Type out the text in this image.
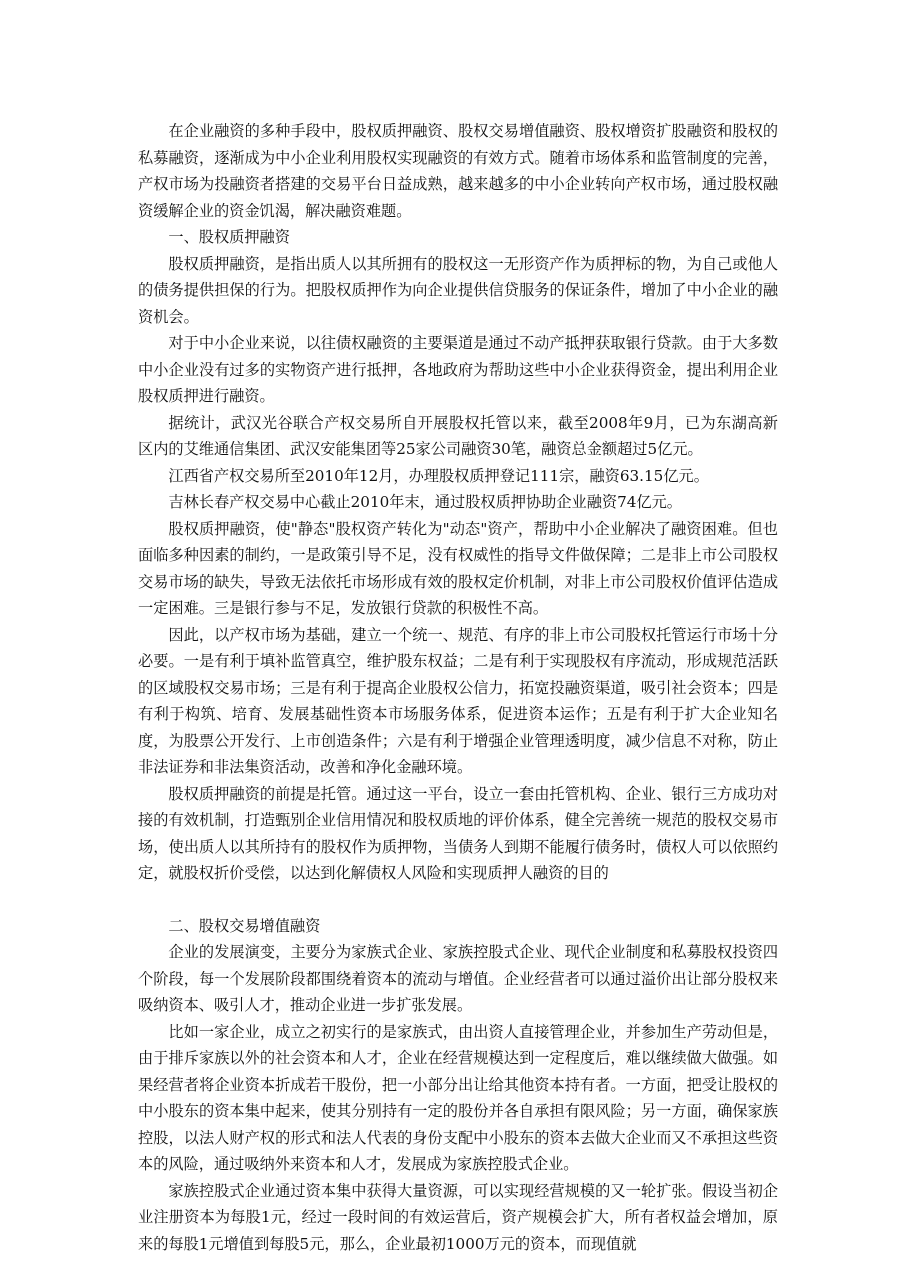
在企业融资的多种手段中，股权质押融资、股权交易增值融资、股权增资扩股融资和股权的私募融资，逐渐成为中小企业利用股权实现融资的有效方式。随着市场体系和监管制度的完善，产权市场为投融资者搭建的交易平台日益成熟，越来越多的中小企业转向产权市场，通过股权融资缓解企业的资金饥渴，解决融资难题。

一、股权质押融资

股权质押融资，是指出质人以其所拥有的股权这一无形资产作为质押标的物，为自己或他人的债务提供担保的行为。把股权质押作为向企业提供信贷服务的保证条件，增加了中小企业的融资机会。

对于中小企业来说，以往债权融资的主要渠道是通过不动产抵押获取银行贷款。由于大多数中小企业没有过多的实物资产进行抵押，各地政府为帮助这些中小企业获得资金，提出利用企业股权质押进行融资。

据统计，武汉光谷联合产权交易所自开展股权托管以来，截至2008年9月，已为东湖高新区内的艾维通信集团、武汉安能集团等25家公司融资30笔，融资总金额超过5亿元。

江西省产权交易所至2010年12月，办理股权质押登记111宗，融资63.15亿元。

吉林长春产权交易中心截止2010年末，通过股权质押协助企业融资74亿元。

股权质押融资，使"静态"股权资产转化为"动态"资产，帮助中小企业解决了融资困难。但也面临多种因素的制约，一是政策引导不足，没有权威性的指导文件做保障；二是非上市公司股权交易市场的缺失，导致无法依托市场形成有效的股权定价机制，对非上市公司股权价值评估造成一定困难。三是银行参与不足，发放银行贷款的积极性不高。

因此，以产权市场为基础，建立一个统一、规范、有序的非上市公司股权托管运行市场十分必要。一是有利于填补监管真空，维护股东权益；二是有利于实现股权有序流动，形成规范活跃的区域股权交易市场；三是有利于提高企业股权公信力，拓宽投融资渠道，吸引社会资本；四是有利于构筑、培育、发展基础性资本市场服务体系，促进资本运作；五是有利于扩大企业知名度，为股票公开发行、上市创造条件；六是有利于增强企业管理透明度，减少信息不对称，防止非法证券和非法集资活动，改善和净化金融环境。

股权质押融资的前提是托管。通过这一平台，设立一套由托管机构、企业、银行三方成功对接的有效机制，打造甄别企业信用情况和股权质地的评价体系，健全完善统一规范的股权交易市场，使出质人以其所持有的股权作为质押物，当债务人到期不能履行债务时，债权人可以依照约定，就股权折价受偿，以达到化解债权人风险和实现质押人融资的目的

二、股权交易增值融资

企业的发展演变，主要分为家族式企业、家族控股式企业、现代企业制度和私募股权投资四个阶段，每一个发展阶段都围绕着资本的流动与增值。企业经营者可以通过溢价出让部分股权来吸纳资本、吸引人才，推动企业进一步扩张发展。

比如一家企业，成立之初实行的是家族式，由出资人直接管理企业，并参加生产劳动但是，由于排斥家族以外的社会资本和人才，企业在经营规模达到一定程度后，难以继续做大做强。如果经营者将企业资本折成若干股份，把一小部分出让给其他资本持有者。一方面，把受让股权的中小股东的资本集中起来，使其分别持有一定的股份并各自承担有限风险；另一方面，确保家族控股，以法人财产权的形式和法人代表的身份支配中小股东的资本去做大企业而又不承担这些资本的风险，通过吸纳外来资本和人才，发展成为家族控股式企业。

家族控股式企业通过资本集中获得大量资源，可以实现经营规模的又一轮扩张。假设当初企业注册资本为每股1元，经过一段时间的有效运营后，资产规模会扩大，所有者权益会增加，原来的每股1元增值到每股5元，那么，企业最初1000万元的资本，而现值就
